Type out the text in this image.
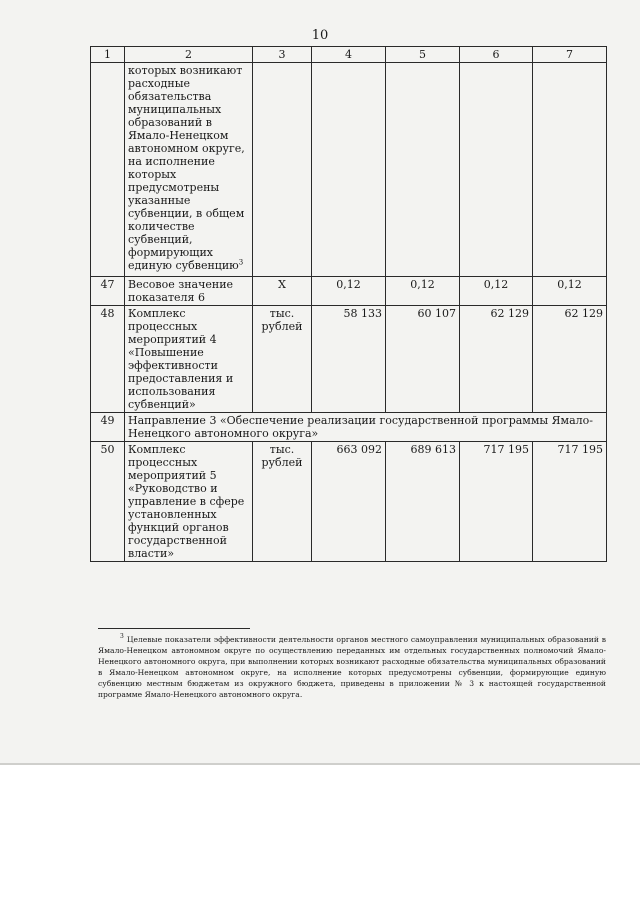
10
1	2	3	4	5	6	7
	которых возникают расходные обязательства муниципальных образований в Ямало-Ненецком автономном округе, на исполнение которых предусмотрены указанные субвенции, в общем количестве субвенций, формирующих единую субвенцию$^3$					
47	Весовое значение показателя 6	Х	0,12	0,12	0,12	0,12
48	Комплекс процессных мероприятий 4 «Повышение эффективности предоставления и использования субвенций»	тыс. рублей	58 133	60 107	62 129	62 129
49	Направление 3 «Обеспечение реализации государственной программы Ямало-Ненецкого автономного округа»					
50	Комплекс процессных мероприятий 5 «Руководство и управление в сфере установленных функций органов государственной власти»	тыс. рублей	663 092	689 613	717 195	717 195
$^3$ Целевые показатели эффективности деятельности органов местного самоуправления муниципальных образований в Ямало-Ненецком автономном округе по осуществлению переданных им отдельных государственных полномочий Ямало-Ненецкого автономного округа, при выполнении которых возникают расходные обязательства муниципальных образований в Ямало-Ненецком автономном округе, на исполнение которых предусмотрены субвенции, формирующие единую субвенцию местным бюджетам из окружного бюджета, приведены в приложении № 3 к настоящей государственной программе Ямало-Ненецкого автономного округа.
